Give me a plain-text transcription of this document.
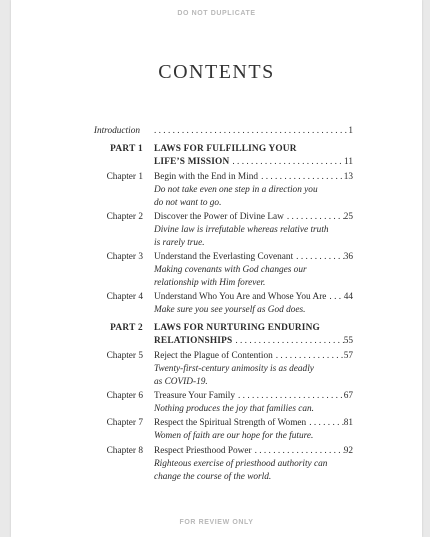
DO NOT DUPLICATE
CONTENTS
Introduction . . .	1
PART 1 LAWS FOR FULFILLING YOUR
LIFE’S MISSION . . .	11
Chapter 1 Begin with the End in Mind . . .	13
Do not take even one step in a direction you
do not want to go.
Chapter 2 Discover the Power of Divine Law . . .	25
Divine law is irrefutable whereas relative truth
is rarely true.
Chapter 3 Understand the Everlasting Covenant . . .	36
Making covenants with God changes our
relationship with Him forever.
Chapter 4 Understand Who You Are and Whose You Are . . . 44
Make sure you see yourself as God does.
PART 2 LAWS FOR NURTURING ENDURING
RELATIONSHIPS . . .	55
Chapter 5 Reject the Plague of Contention . . .	57
Twenty-first-century animosity is as deadly
as COVID-19.
Chapter 6 Treasure Your Family . . .	67
Nothing produces the joy that families can.
Chapter 7 Respect the Spiritual Strength of Women . . .	81
Women of faith are our hope for the future.
Chapter 8 Respect Priesthood Power . . .	92
Righteous exercise of priesthood authority can
change the course of the world.
FOR REVIEW ONLY
